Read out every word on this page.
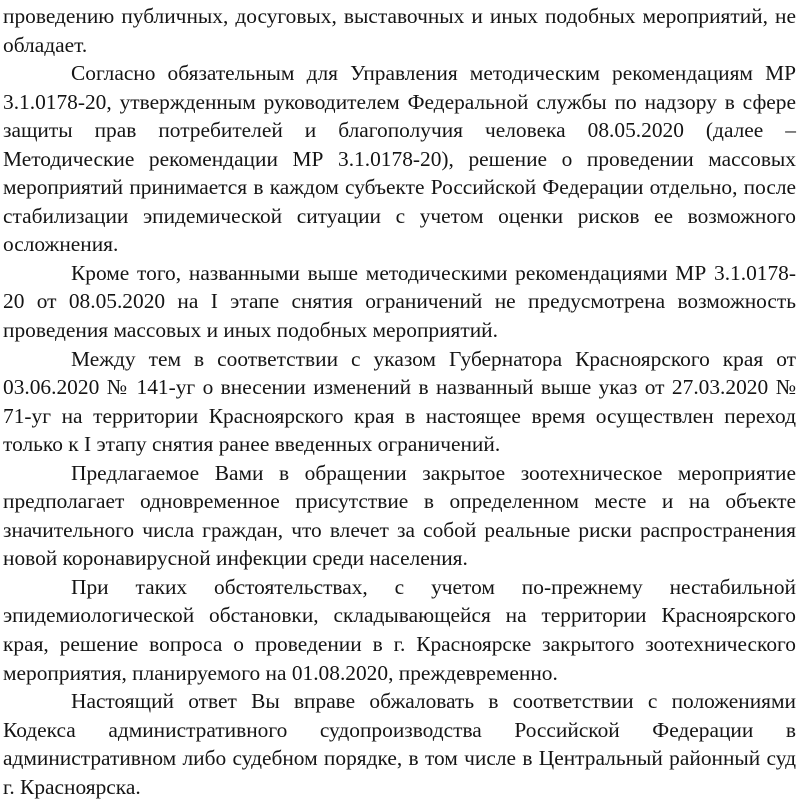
проведению публичных, досуговых, выставочных и иных подобных мероприятий, не обладает.

Согласно обязательным для Управления методическим рекомендациям МР 3.1.0178-20, утвержденным руководителем Федеральной службы по надзору в сфере защиты прав потребителей и благополучия человека 08.05.2020 (далее – Методические рекомендации МР 3.1.0178-20), решение о проведении массовых мероприятий принимается в каждом субъекте Российской Федерации отдельно, после стабилизации эпидемической ситуации с учетом оценки рисков ее возможного осложнения.

Кроме того, названными выше методическими рекомендациями МР 3.1.0178-20 от 08.05.2020 на I этапе снятия ограничений не предусмотрена возможность проведения массовых и иных подобных мероприятий.

Между тем в соответствии с указом Губернатора Красноярского края от 03.06.2020 № 141-уг о внесении изменений в названный выше указ от 27.03.2020 № 71-уг на территории Красноярского края в настоящее время осуществлен переход только к I этапу снятия ранее введенных ограничений.

Предлагаемое Вами в обращении закрытое зоотехническое мероприятие предполагает одновременное присутствие в определенном месте и на объекте значительного числа граждан, что влечет за собой реальные риски распространения новой коронавирусной инфекции среди населения.

При таких обстоятельствах, с учетом по-прежнему нестабильной эпидемиологической обстановки, складывающейся на территории Красноярского края, решение вопроса о проведении в г. Красноярске закрытого зоотехнического мероприятия, планируемого на 01.08.2020, преждевременно.

Настоящий ответ Вы вправе обжаловать в соответствии с положениями Кодекса административного судопроизводства Российской Федерации в административном либо судебном порядке, в том числе в Центральный районный суд г. Красноярска.
